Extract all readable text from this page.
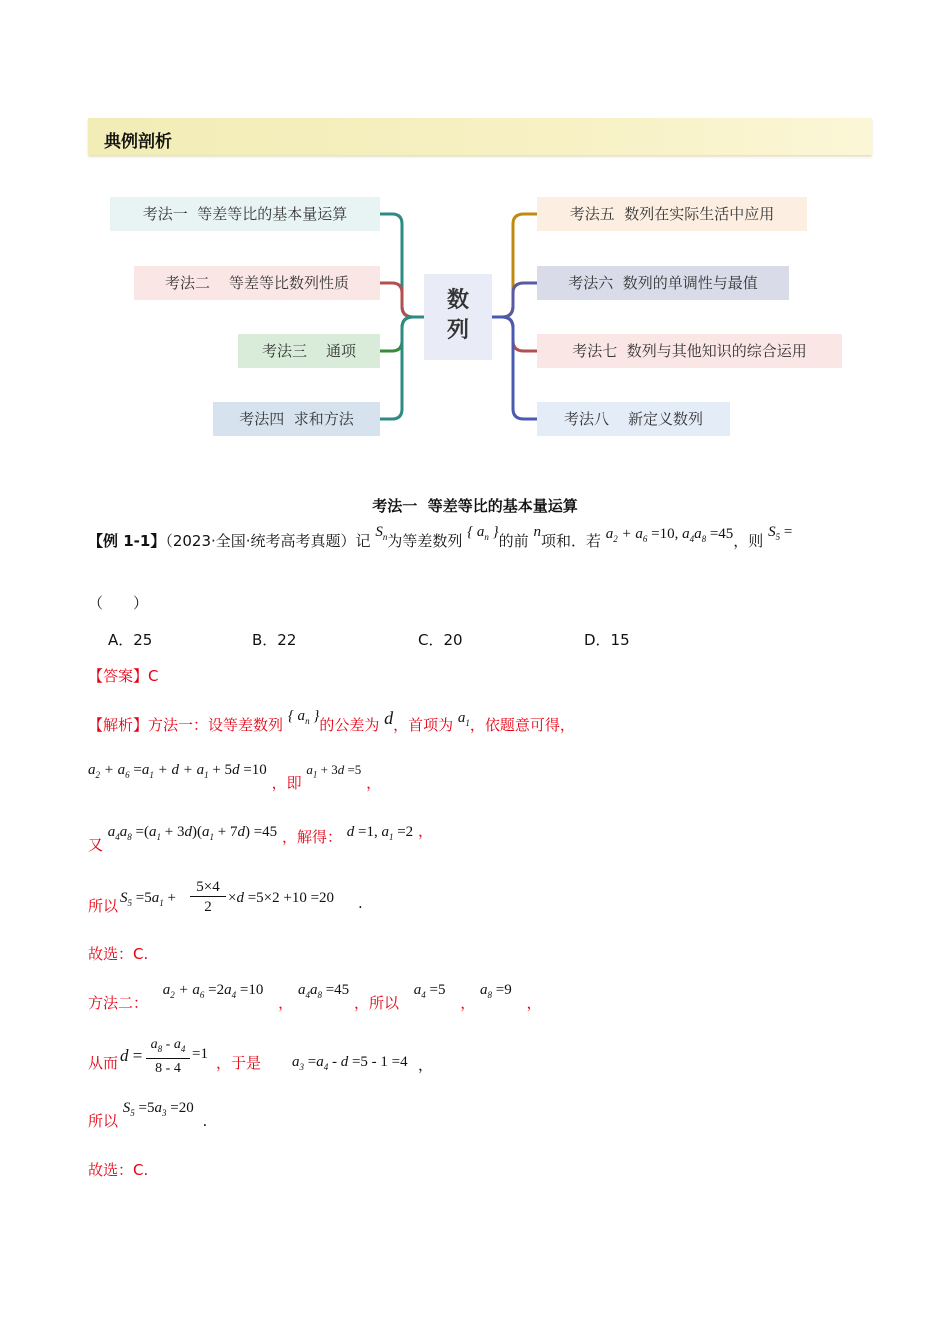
典例剖析
考法一  等差等比的基本量运算
考法二    等差等比数列性质
考法三    通项
考法四  求和方法
数
列
考法五  数列在实际生活中应用
考法六  数列的单调性与最值
考法七  数列与其他知识的综合运用
考法八    新定义数列
考法一  等差等比的基本量运算
【例 1-1】（2023·全国·统考高考真题）记 $S_n$为等差数列 { $a_n$ }的前 n项和．若 $a_2 + a_6 =10$, $a_4a_8 =45$，则 $S_5$ =
（　　）
A．25	B．22	C．20	D．15
【答案】C
【解析】方法一：设等差数列 { $a_n$ }的公差为 d，首项为 $a_1$，依题意可得，
$a_2 + a_6 =a_1 + d + a_1 + 5d =10$ ，即 $a_1 + 3d =5$ ，
又 $a_4a_8 =(a_1 + 3d)(a_1 + 7d) =45$ ，解得： d =1, $a_1 =2$ ，
所以 $S_5 =5a_1 + \frac{5\times 4}{2} \times d =5\times 2 +10 =20$ .
故选：C.
方法二： $a_2 + a_6 =2a_4 =10$ ， $a_4a_8 =45$ ，所以 $a_4 =5$ ， $a_8 =9$ ，
从而 $d = \frac{a_8 - a_4}{8 - 4} =1$ ，于是 $a_3 =a_4 - d =5 - 1 =4$ ，
所以 $S_5 =5a_3 =20$ .
故选：C.
